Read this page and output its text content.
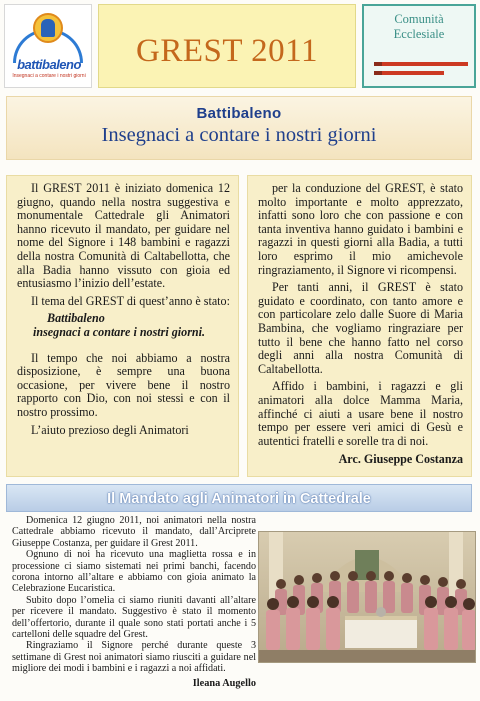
battibaleno
Insegnaci a contare i nostri giorni
GREST 2011
Comunità
Ecclesiale
Battibaleno
Insegnaci a contare i nostri giorni

Il GREST 2011 è iniziato domenica 12 giugno, quando nella nostra suggestiva e monumentale Cattedrale gli Animatori hanno ricevuto il mandato, per guidare nel nome del Signore i 148 bambini e ragazzi della nostra Comunità di Caltabellotta, che alla Badia hanno vissuto con gioia ed entusiasmo l’inizio dell’estate.

Il tema del GREST di quest’anno è stato:

Battibaleno

insegnaci a contare i nostri giorni.

Il tempo che noi abbiamo a nostra disposizione, è sempre una buona occasione, per vivere bene il nostro rapporto con Dio, con noi stessi e con il nostro prossimo.

L’aiuto prezioso degli Animatori

per la conduzione del GREST, è stato molto importante e molto apprezzato, infatti sono loro che con passione e con tanta inventiva hanno guidato i bambini e ragazzi in questi giorni alla Badia, a tutti loro esprimo il mio amichevole ringraziamento, il Signore vi ricompensi.

Per tanti anni, il GREST è stato guidato e coordinato, con tanto amore e con particolare zelo dalle Suore di Maria Bambina, che vogliamo ringraziare per tutto il bene che hanno fatto nel corso degli anni alla nostra Comunità di Caltabellotta.

Affido i bambini, i ragazzi e gli animatori alla dolce Mamma Maria, affinché ci aiuti a usare bene il nostro tempo per essere veri amici di Gesù e autentici fratelli e sorelle tra di noi.

Arc. Giuseppe Costanza
Il Mandato agli Animatori in Cattedrale

Domenica 12 giugno 2011, noi animatori nella nostra Cattedrale abbiamo ricevuto il mandato, dall’Arciprete Giuseppe Costanza, per guidare il Grest 2011.

Ognuno di noi ha ricevuto una maglietta rossa e in processione ci siamo sistemati nei primi banchi, facendo corona intorno all’altare e abbiamo con gioia animato la Celebrazione Eucaristica.

Subito dopo l’omelia ci siamo riuniti davanti all’altare per ricevere il mandato. Suggestivo è stato il momento dell’offertorio, durante il quale sono stati portati anche i 5 cartelloni delle squadre del Grest.

Ringraziamo il Signore perché durante queste 3 settimane di Grest noi animatori siamo riusciti a guidare nel migliore dei modi i bambini e i ragazzi a noi affidati.

Ileana Augello
